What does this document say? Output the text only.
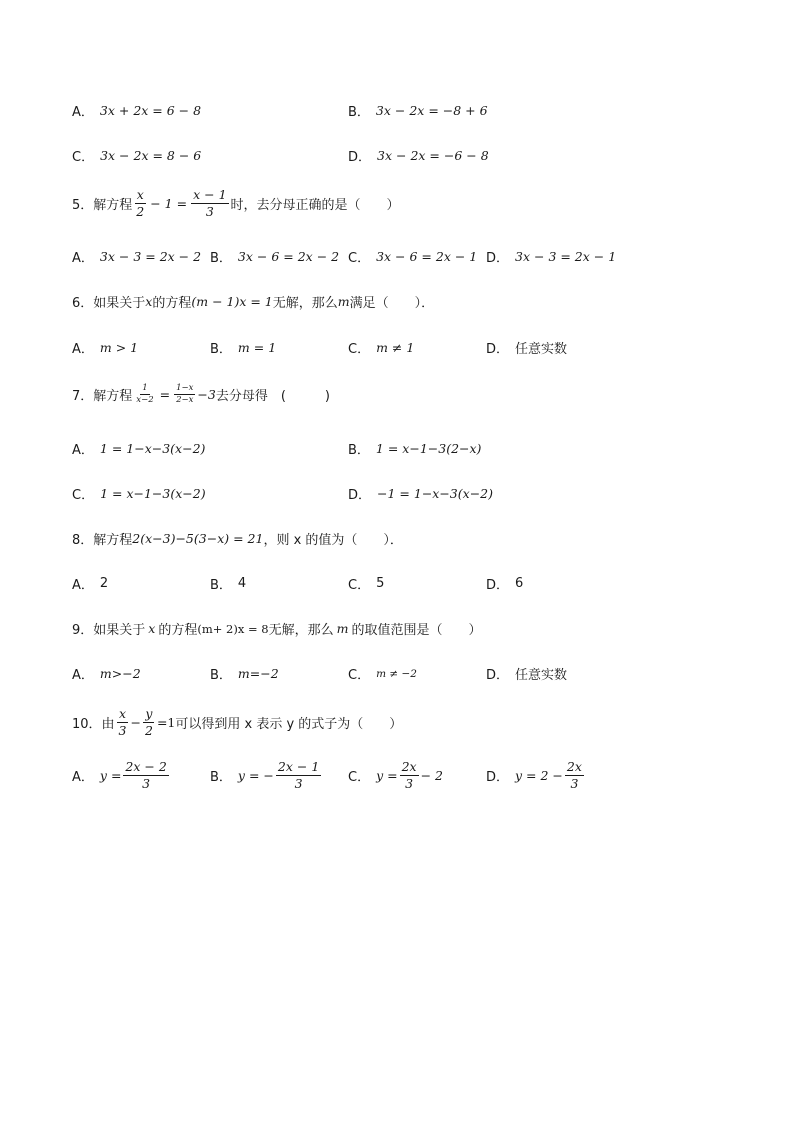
A． 3x + 2x = 6 − 8	B． 3x − 2x = −8 + 6
C． 3x − 2x = 8 − 6	D． 3x − 2x = −6 − 8
5．解方程 $\frac{x}{2} - 1 = \frac{x - 1}{3}$ 时，去分母正确的是（　　）
A． 3x − 3 = 2x − 2 B． 3x − 6 = 2x − 2 C． 3x − 6 = 2x − 1 D． 3x − 3 = 2x − 1
6．如果关于 x 的方程 (m − 1)x = 1 无解，那么 m 满足（　　）．
A． m > 1	B． m = 1	C． m ≠ 1	D． 任意实数
7．解方程 $\frac{1}{x-2} = \frac{1-x}{2-x} -3$ 去分母得　(　　　)
A． 1 = 1−x−3(x−2)	B． 1 = x−1−3(2−x)
C． 1 = x−1−3(x−2)	D． −1 = 1−x−3(x−2)
8．解方程 2(x−3)−5(3−x) = 21 ，则 x 的值为（　　）．
A． 2	B． 4	C． 5	D． 6
9．如果关于 x 的方程 (m+ 2)x = 8 无解，那么 m 的取值范围是（　　）
A． m>−2	B． m=−2	C． m ≠ −2	D． 任意实数
10．由 $\frac{x}{3} - \frac{y}{2} =1$ 可以得到用 x 表示 y 的式子为（　　）
A． $y = \frac{2x - 2}{3}$	B． y = − $\frac{2x - 1}{3}$ C． $y = \frac{2x}{3} - 2$	D． $y = 2 - \frac{2x}{3}$
